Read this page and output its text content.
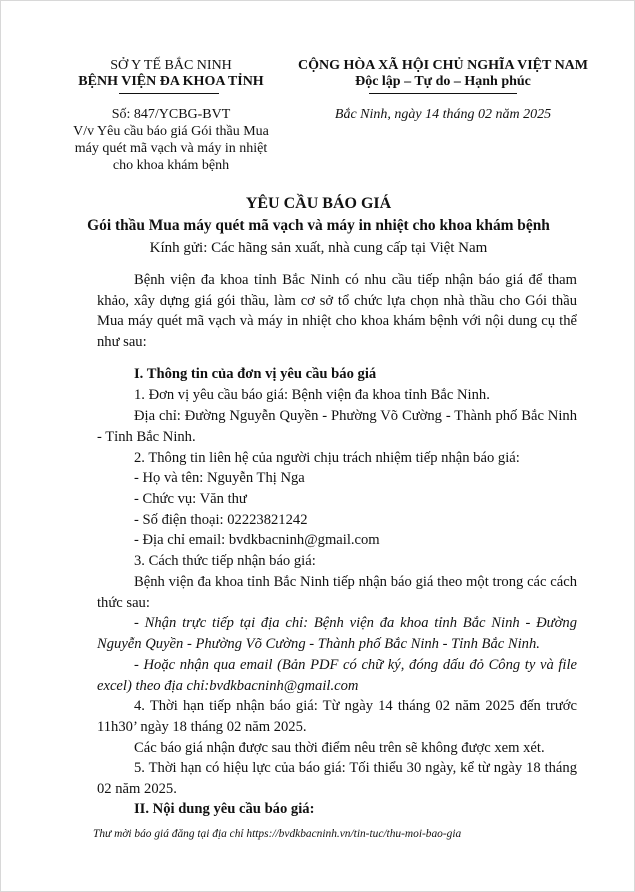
SỞ Y TẾ BẮC NINH
BỆNH VIỆN ĐA KHOA TỈNH
Số: 847/YCBG-BVT
V/v Yêu cầu báo giá Gói thầu Mua
máy quét mã vạch và máy in nhiệt
cho khoa khám bệnh
CỘNG HÒA XÃ HỘI CHỦ NGHĨA VIỆT NAM
Độc lập – Tự do – Hạnh phúc
Bắc Ninh, ngày 14 tháng 02 năm 2025
YÊU CẦU BÁO GIÁ
Gói thầu Mua máy quét mã vạch và máy in nhiệt cho khoa khám bệnh
Kính gửi: Các hãng sản xuất, nhà cung cấp tại Việt Nam
Bệnh viện đa khoa tỉnh Bắc Ninh có nhu cầu tiếp nhận báo giá để tham khảo, xây dựng giá gói thầu, làm cơ sở tổ chức lựa chọn nhà thầu cho Gói thầu Mua máy quét mã vạch và máy in nhiệt cho khoa khám bệnh với nội dung cụ thể như sau:
I. Thông tin của đơn vị yêu cầu báo giá
1. Đơn vị yêu cầu báo giá: Bệnh viện đa khoa tỉnh Bắc Ninh.
Địa chỉ: Đường Nguyễn Quyền - Phường Võ Cường - Thành phố Bắc Ninh - Tỉnh Bắc Ninh.
2. Thông tin liên hệ của người chịu trách nhiệm tiếp nhận báo giá:
- Họ và tên: Nguyễn Thị Nga
- Chức vụ: Văn thư
- Số điện thoại: 02223821242
- Địa chỉ email: bvdkbacninh@gmail.com
3. Cách thức tiếp nhận báo giá:
Bệnh viện đa khoa tỉnh Bắc Ninh tiếp nhận báo giá theo một trong các cách thức sau:
- Nhận trực tiếp tại địa chỉ: Bệnh viện đa khoa tỉnh Bắc Ninh - Đường Nguyễn Quyền - Phường Võ Cường - Thành phố Bắc Ninh - Tỉnh Bắc Ninh.
- Hoặc nhận qua email (Bản PDF có chữ ký, đóng dấu đỏ Công ty và file excel) theo địa chỉ:bvdkbacninh@gmail.com
4. Thời hạn tiếp nhận báo giá: Từ ngày 14 tháng 02 năm 2025 đến trước 11h30’ ngày 18 tháng 02 năm 2025.
Các báo giá nhận được sau thời điểm nêu trên sẽ không được xem xét.
5. Thời hạn có hiệu lực của báo giá: Tối thiểu 30 ngày, kể từ ngày 18 tháng 02 năm 2025.
II. Nội dung yêu cầu báo giá:
Thư mời báo giá đăng tại địa chỉ https://bvdkbacninh.vn/tin-tuc/thu-moi-bao-gia
